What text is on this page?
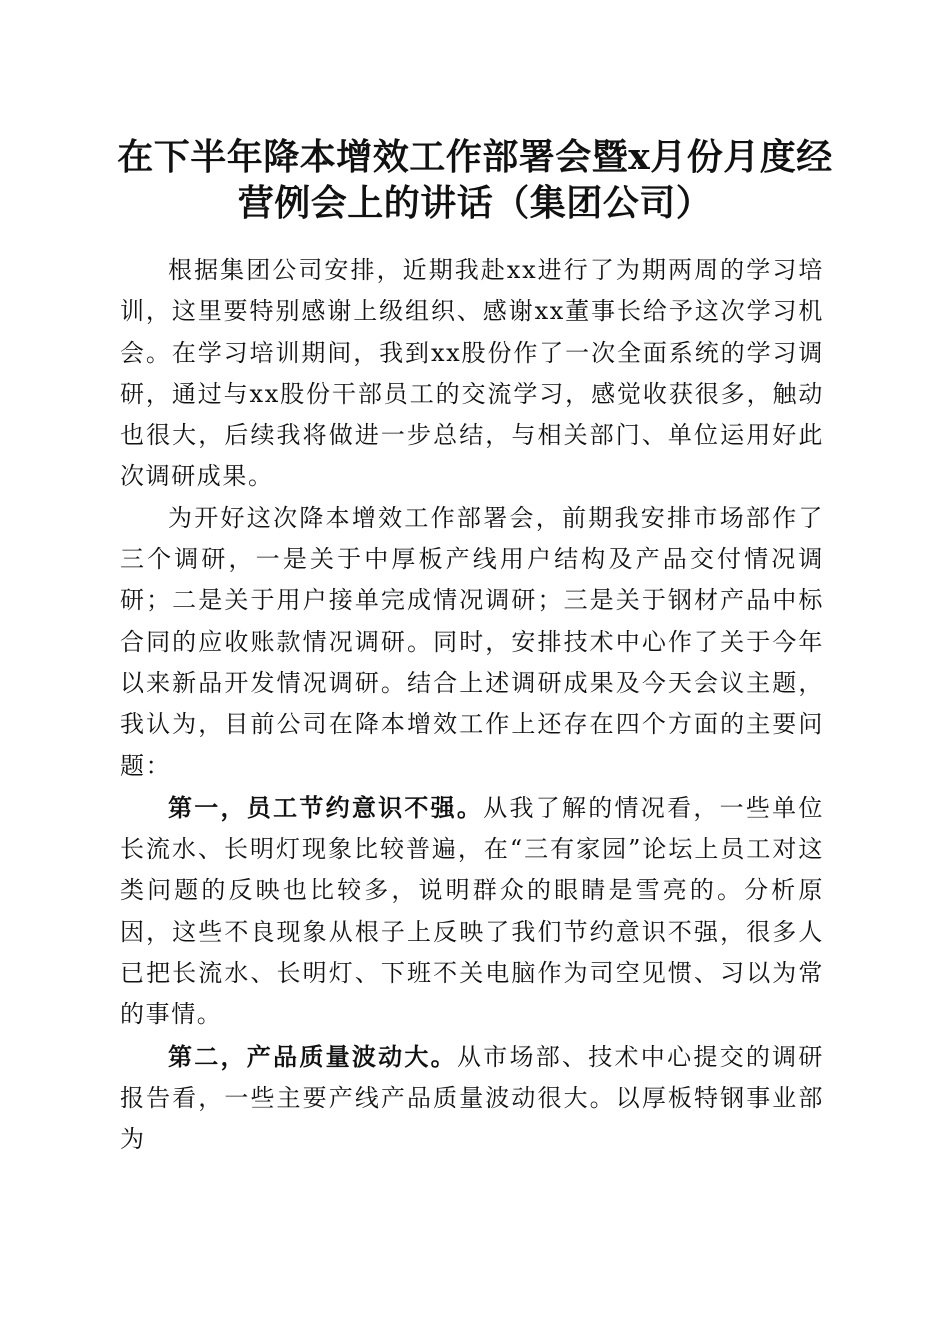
在下半年降本增效工作部署会暨x月份月度经
营例会上的讲话（集团公司）

根据集团公司安排，近期我赴xx进行了为期两周的学习培训，这里要特别感谢上级组织、感谢xx董事长给予这次学习机会。在学习培训期间，我到xx股份作了一次全面系统的学习调研，通过与xx股份干部员工的交流学习，感觉收获很多，触动也很大，后续我将做进一步总结，与相关部门、单位运用好此次调研成果。

为开好这次降本增效工作部署会，前期我安排市场部作了三个调研，一是关于中厚板产线用户结构及产品交付情况调研；二是关于用户接单完成情况调研；三是关于钢材产品中标合同的应收账款情况调研。同时，安排技术中心作了关于今年以来新品开发情况调研。结合上述调研成果及今天会议主题，我认为，目前公司在降本增效工作上还存在四个方面的主要问题：

第一，员工节约意识不强。从我了解的情况看，一些单位长流水、长明灯现象比较普遍，在“三有家园”论坛上员工对这类问题的反映也比较多，说明群众的眼睛是雪亮的。分析原因，这些不良现象从根子上反映了我们节约意识不强，很多人已把长流水、长明灯、下班不关电脑作为司空见惯、习以为常的事情。

第二，产品质量波动大。从市场部、技术中心提交的调研报告看，一些主要产线产品质量波动很大。以厚板特钢事业部为
